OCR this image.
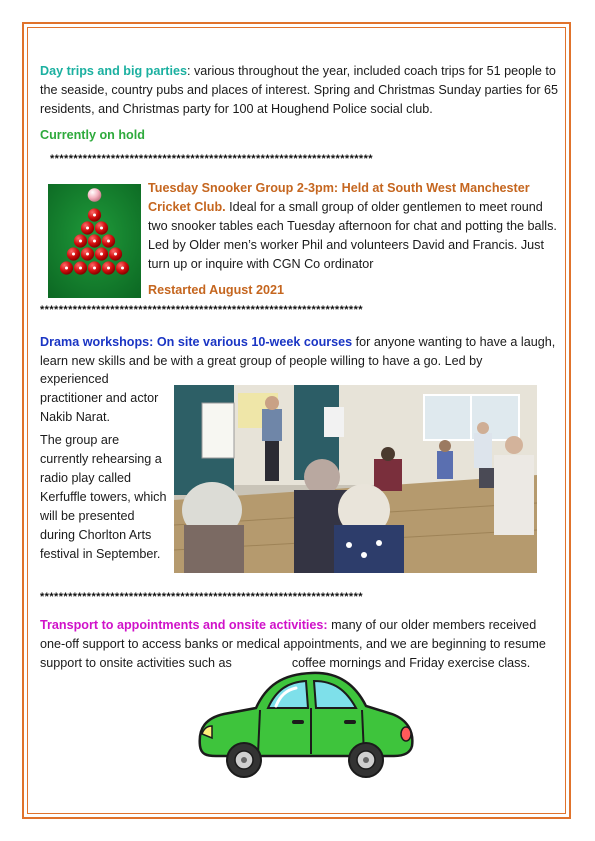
Day trips and big parties: various throughout the year, included coach trips for 51 people to the seaside, country pubs and places of interest. Spring and Christmas Sunday parties for 65 residents, and Christmas party for 100 at Houghend Police social club.
Currently on hold
*********************************************************************
Tuesday Snooker Group 2-3pm: Held at South West Manchester Cricket Club. Ideal for a small group of older gentlemen to meet round two snooker tables each Tuesday afternoon for chat and potting the balls. Led by Older men’s worker Phil and volunteers David and Francis. Just turn up or inquire with CGN Co ordinator
Restarted August 2021
*********************************************************************
Drama workshops: On site various 10-week courses for anyone wanting to have a laugh, learn new skills and be with a great group of people willing to have a go. Led by
experienced practitioner and actor Nakib Narat.
The group are currently rehearsing a radio play called Kerfuffle towers, which will be presented during Chorlton Arts festival in September.
*********************************************************************
Transport to appointments and onsite activities: many of our older members received one-off support to access banks or medical appointments, and we are beginning to resume support to onsite activities such as	coffee mornings and Friday exercise class.
